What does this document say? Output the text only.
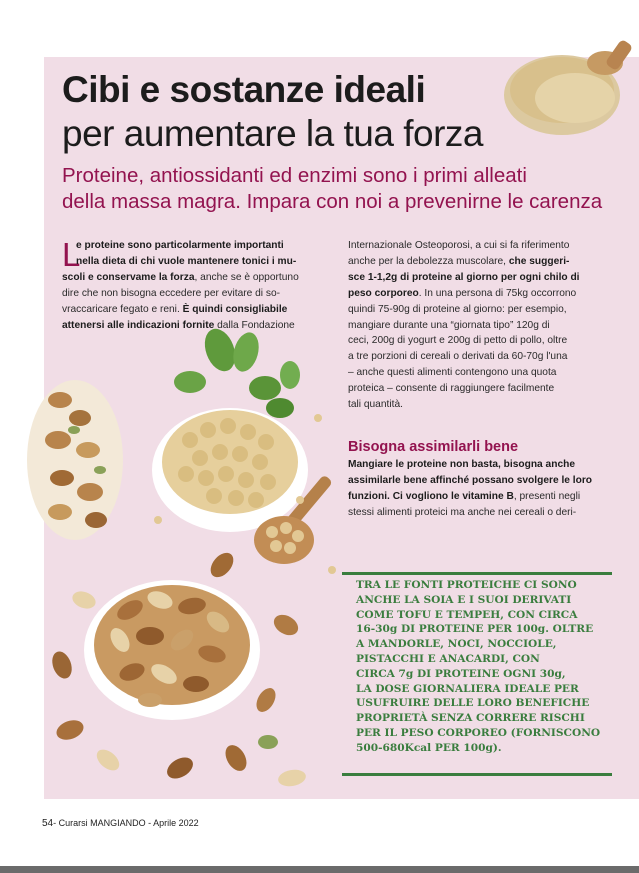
Cibi e sostanze ideali
per aumentare la tua forza
Proteine, antiossidanti ed enzimi sono i primi alleati
della massa magra. Impara con noi a prevenirne le carenza
L
e proteine sono particolarmente importanti
nella dieta di chi vuole mantenere tonici i mu-
scoli e conservame la forza, anche se è opportuno
dire che non bisogna eccedere per evitare di so-
vraccaricare fegato e reni. È quindi consigliabile
attenersi alle indicazioni fornite dalla Fondazione
Internazionale Osteoporosi, a cui si fa riferimento
anche per la debolezza muscolare, che suggeri-
sce 1-1,2g di proteine al giorno per ogni chilo di
peso corporeo. In una persona di 75kg occorrono
quindi 75-90g di proteine al giorno: per esempio,
mangiare durante una “giornata tipo” 120g di
ceci, 200g di yogurt e 200g di petto di pollo, oltre
a tre porzioni di cereali o derivati da 60-70g l'una
– anche questi alimenti contengono una quota
proteica – consente di raggiungere facilmente
tali quantità.
Bisogna assimilarli bene
Mangiare le proteine non basta, bisogna anche
assimilarle bene affinché possano svolgere le loro
funzioni. Ci vogliono le vitamine B, presenti negli
stessi alimenti proteici ma anche nei cereali o deri-
TRA LE FONTI PROTEICHE CI SONO
ANCHE LA SOIA E I SUOI DERIVATI
COME TOFU E TEMPEH, CON CIRCA
16-30g DI PROTEINE PER 100g. OLTRE
A MANDORLE, NOCI, NOCCIOLE,
PISTACCHI E ANACARDI, CON
CIRCA 7g DI PROTEINE OGNI 30g,
LA DOSE GIORNALIERA IDEALE PER
USUFRUIRE DELLE LORO BENEFICHE
PROPRIETÀ SENZA CORRERE RISCHI
PER IL PESO CORPOREO (FORNISCONO
500-680Kcal PER 100g).
54- Curarsi MANGIANDO - Aprile 2022
